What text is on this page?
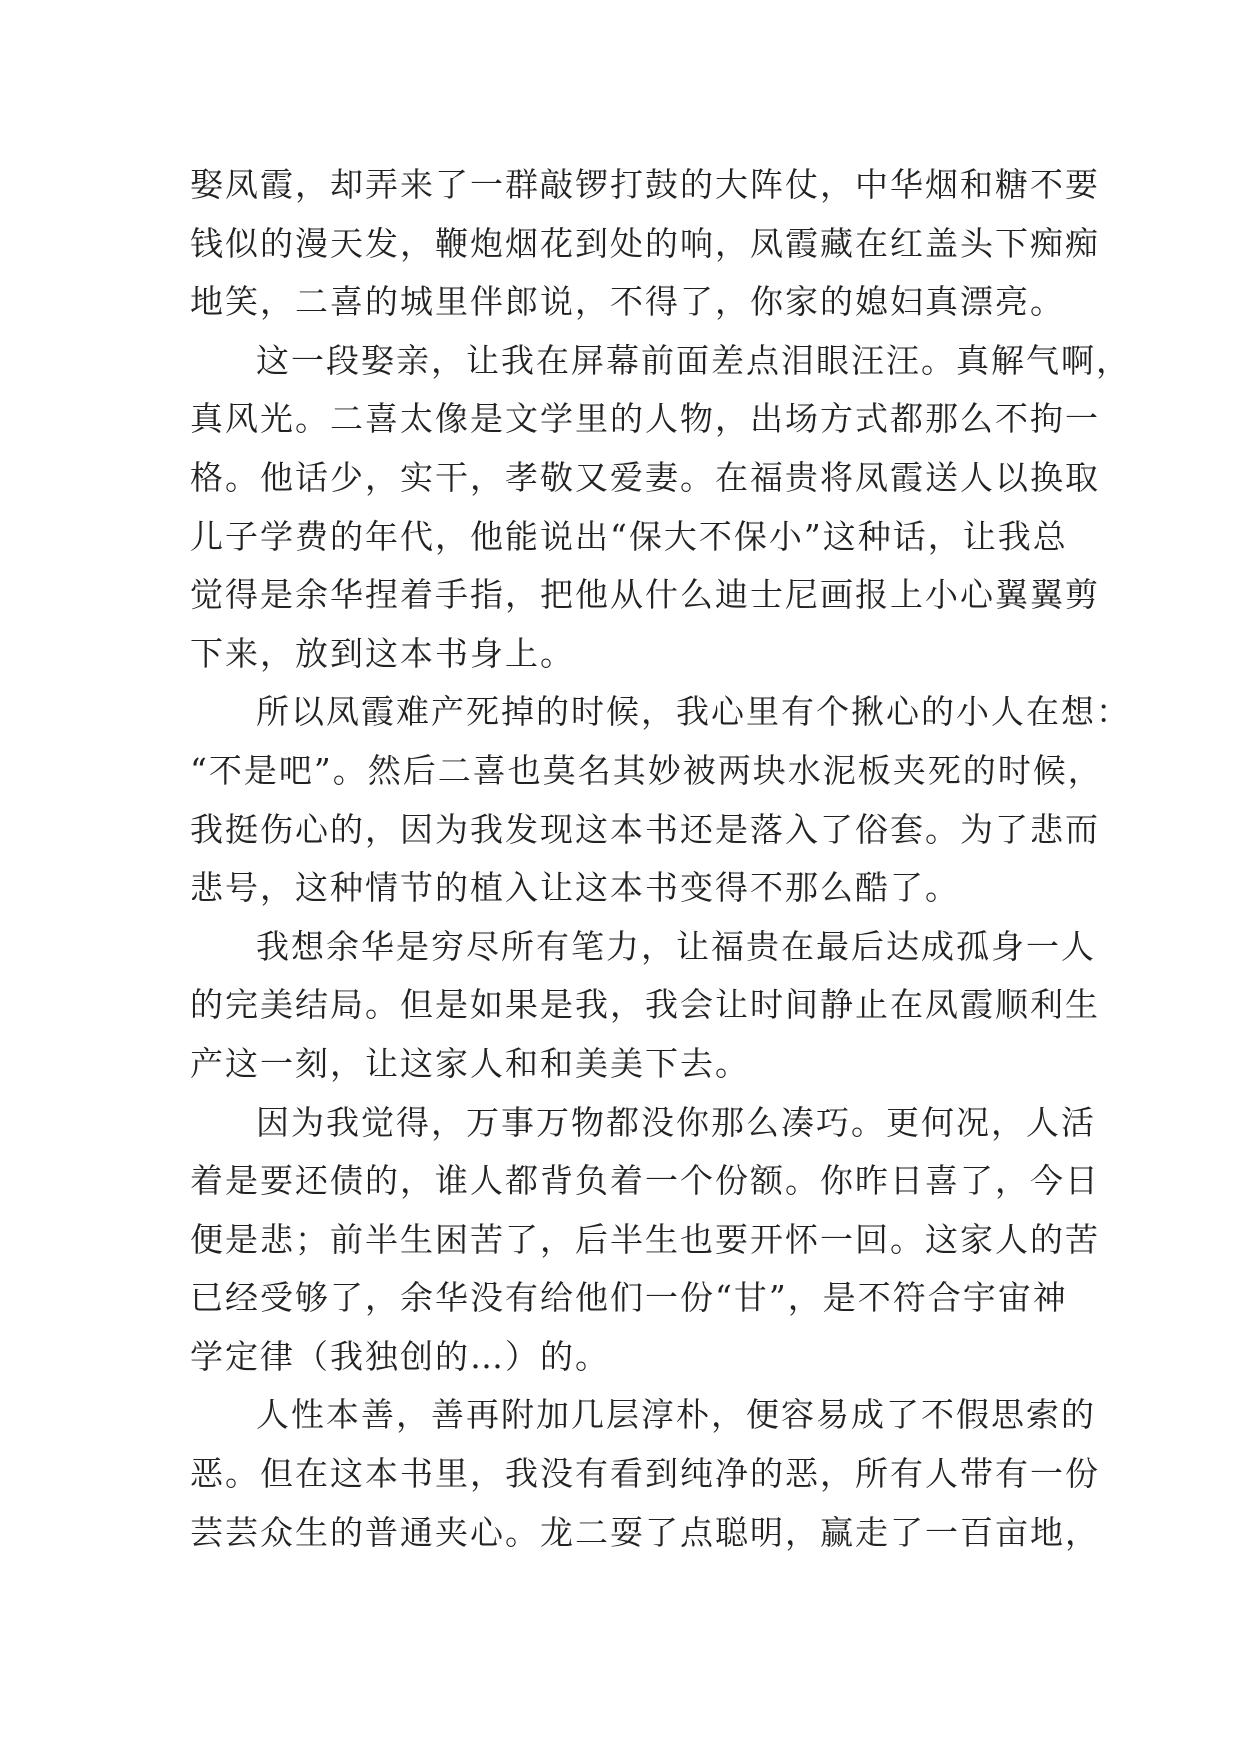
娶凤霞，却弄来了一群敲锣打鼓的大阵仗，中华烟和糖不要
钱似的漫天发，鞭炮烟花到处的响，凤霞藏在红盖头下痴痴
地笑，二喜的城里伴郎说，不得了，你家的媳妇真漂亮。
这一段娶亲，让我在屏幕前面差点泪眼汪汪。真解气啊，
真风光。二喜太像是文学里的人物，出场方式都那么不拘一
格。他话少，实干，孝敬又爱妻。在福贵将凤霞送人以换取
儿子学费的年代，他能说出“保大不保小”这种话，让我总
觉得是余华捏着手指，把他从什么迪士尼画报上小心翼翼剪
下来，放到这本书身上。
所以凤霞难产死掉的时候，我心里有个揪心的小人在想：
“不是吧”。然后二喜也莫名其妙被两块水泥板夹死的时候，
我挺伤心的，因为我发现这本书还是落入了俗套。为了悲而
悲号，这种情节的植入让这本书变得不那么酷了。
我想余华是穷尽所有笔力，让福贵在最后达成孤身一人
的完美结局。但是如果是我，我会让时间静止在凤霞顺利生
产这一刻，让这家人和和美美下去。
因为我觉得，万事万物都没你那么凑巧。更何况，人活
着是要还债的，谁人都背负着一个份额。你昨日喜了，今日
便是悲；前半生困苦了，后半生也要开怀一回。这家人的苦
已经受够了，余华没有给他们一份“甘”，是不符合宇宙神
学定律（我独创的…）的。
人性本善，善再附加几层淳朴，便容易成了不假思索的
恶。但在这本书里，我没有看到纯净的恶，所有人带有一份
芸芸众生的普通夹心。龙二耍了点聪明，赢走了一百亩地，
